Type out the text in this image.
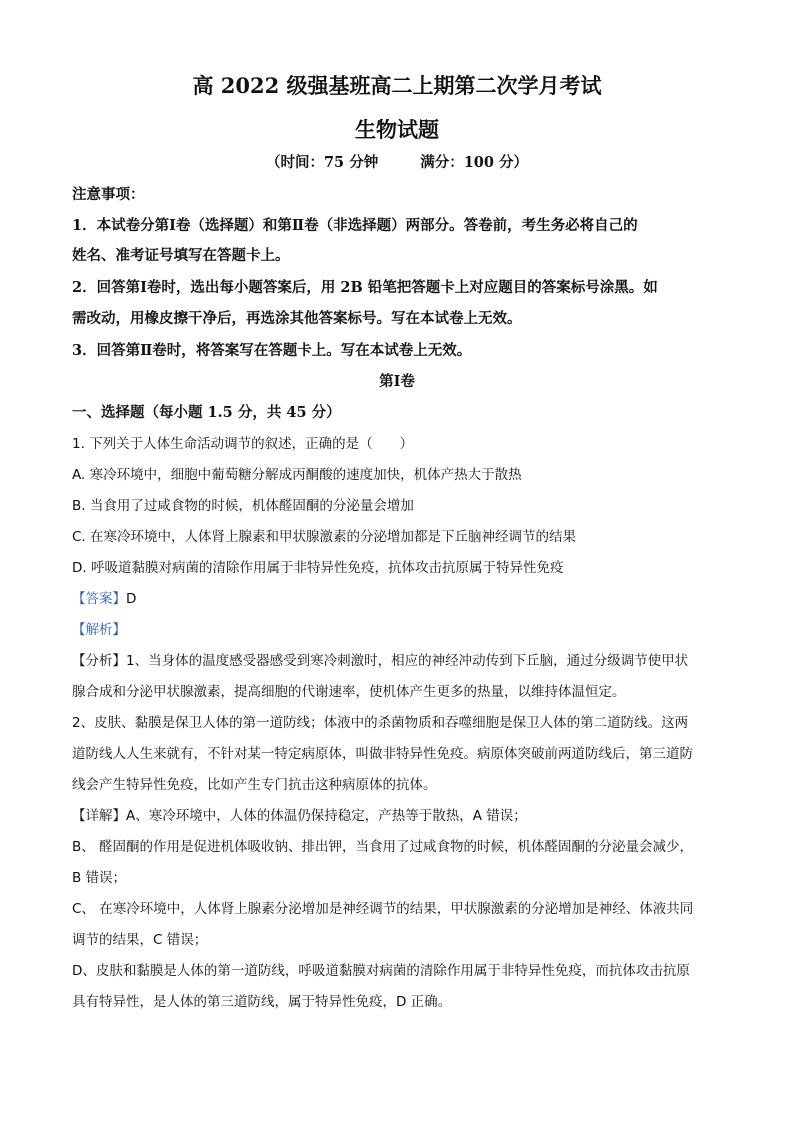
高 2022 级强基班高二上期第二次学月考试
生物试题
（时间：75 分钟	满分：100 分）
注意事项：
1．本试卷分第Ⅰ卷（选择题）和第Ⅱ卷（非选择题）两部分。答卷前，考生务必将自己的
姓名、准考证号填写在答题卡上。
2．回答第Ⅰ卷时，选出每小题答案后，用 2B 铅笔把答题卡上对应题目的答案标号涂黑。如
需改动，用橡皮擦干净后，再选涂其他答案标号。写在本试卷上无效。
3．回答第Ⅱ卷时，将答案写在答题卡上。写在本试卷上无效。
第Ⅰ卷
一、选择题（每小题 1.5 分，共 45 分）
1. 下列关于人体生命活动调节的叙述，正确的是（　　）
A. 寒冷环境中，细胞中葡萄糖分解成丙酮酸的速度加快，机体产热大于散热
B. 当食用了过咸食物的时候，机体醛固酮的分泌量会增加
C. 在寒冷环境中，人体肾上腺素和甲状腺激素的分泌增加都是下丘脑神经调节的结果
D. 呼吸道黏膜对病菌的清除作用属于非特异性免疫，抗体攻击抗原属于特异性免疫
【答案】D
【解析】
【分析】1、当身体的温度感受器感受到寒冷刺激时，相应的神经冲动传到下丘脑，通过分级调节使甲状
腺合成和分泌甲状腺激素，提高细胞的代谢速率，使机体产生更多的热量，以维持体温恒定。
2、皮肤、黏膜是保卫人体的第一道防线；体液中的杀菌物质和吞噬细胞是保卫人体的第二道防线。这两
道防线人人生来就有，不针对某一特定病原体，叫做非特异性免疫。病原体突破前两道防线后，第三道防
线会产生特异性免疫，比如产生专门抗击这种病原体的抗体。
【详解】A、寒冷环境中，人体的体温仍保持稳定，产热等于散热，A 错误；
B、 醛固酮的作用是促进机体吸收钠、排出钾，当食用了过咸食物的时候，机体醛固酮的分泌量会减少，
B 错误；
C、 在寒冷环境中，人体肾上腺素分泌增加是神经调节的结果，甲状腺激素的分泌增加是神经、体液共同
调节的结果，C 错误；
D、皮肤和黏膜是人体的第一道防线，呼吸道黏膜对病菌的清除作用属于非特异性免疫，而抗体攻击抗原
具有特异性，是人体的第三道防线，属于特异性免疫，D 正确。
